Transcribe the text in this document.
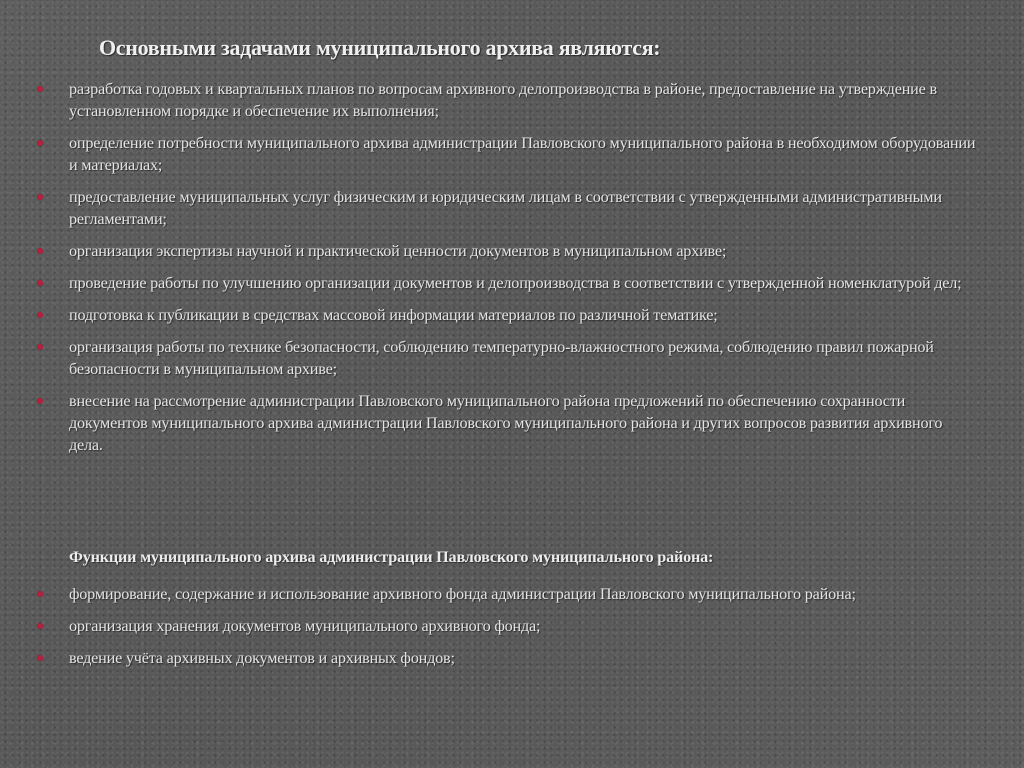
Основными задачами муниципального архива являются:
разработка годовых и квартальных планов по вопросам архивного делопроизводства в районе, предоставление на утверждение в установленном порядке и обеспечение их выполнения;
определение потребности муниципального архива администрации Павловского муниципального района в необходимом оборудовании и материалах;
предоставление муниципальных услуг физическим и юридическим лицам в соответствии с утвержденными административными регламентами;
организация экспертизы научной и практической ценности документов в муниципальном архиве;
проведение работы по улучшению организации документов и делопроизводства в соответствии с утвержденной номенклатурой дел;
подготовка к публикации в средствах массовой информации материалов по различной тематике;
организация работы по технике безопасности, соблюдению температурно-влажностного режима, соблюдению правил пожарной безопасности в муниципальном архиве;
внесение на рассмотрение администрации Павловского муниципального района предложений по обеспечению сохранности документов муниципального архива администрации Павловского муниципального района и других вопросов развития архивного дела.
Функции муниципального архива администрации Павловского муниципального района:
формирование, содержание и использование архивного фонда администрации Павловского муниципального района;
организация хранения документов муниципального архивного фонда;
ведение учёта архивных документов и архивных фондов;
